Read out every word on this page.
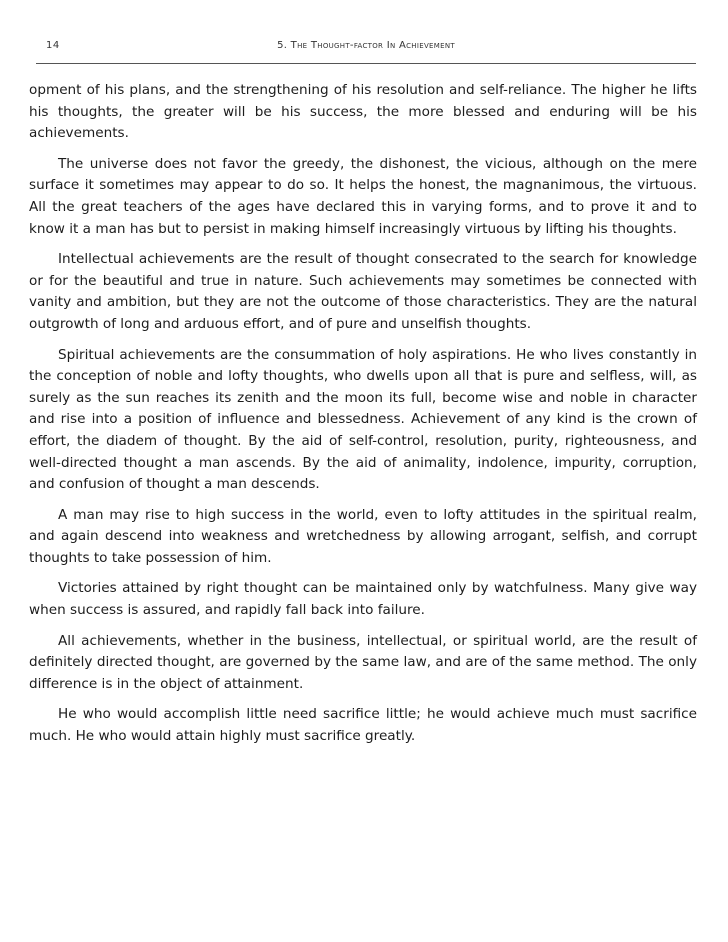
14	5. The Thought-factor In Achievement

opment of his plans, and the strengthening of his resolution and self-reliance. The higher he lifts his thoughts, the greater will be his success, the more blessed and enduring will be his achievements.

The universe does not favor the greedy, the dishonest, the vicious, although on the mere surface it sometimes may appear to do so. It helps the honest, the magnanimous, the virtuous. All the great teachers of the ages have declared this in varying forms, and to prove it and to know it a man has but to persist in making himself increasingly virtuous by lifting his thoughts.

Intellectual achievements are the result of thought consecrated to the search for knowledge or for the beautiful and true in nature. Such achievements may sometimes be connected with vanity and ambition, but they are not the outcome of those characteristics. They are the natural outgrowth of long and arduous effort, and of pure and unselfish thoughts.

Spiritual achievements are the consummation of holy aspirations. He who lives constantly in the conception of noble and lofty thoughts, who dwells upon all that is pure and selfless, will, as surely as the sun reaches its zenith and the moon its full, become wise and noble in character and rise into a position of influence and blessedness. Achievement of any kind is the crown of effort, the diadem of thought. By the aid of self-control, resolution, purity, righteousness, and well-directed thought a man ascends. By the aid of animality, indolence, impurity, corruption, and confusion of thought a man descends.

A man may rise to high success in the world, even to lofty attitudes in the spiritual realm, and again descend into weakness and wretchedness by allowing arrogant, selfish, and corrupt thoughts to take possession of him.

Victories attained by right thought can be maintained only by watchfulness. Many give way when success is assured, and rapidly fall back into failure.

All achievements, whether in the business, intellectual, or spiritual world, are the result of definitely directed thought, are governed by the same law, and are of the same method. The only difference is in the object of attainment.

He who would accomplish little need sacrifice little; he would achieve much must sacrifice much. He who would attain highly must sacrifice greatly.
